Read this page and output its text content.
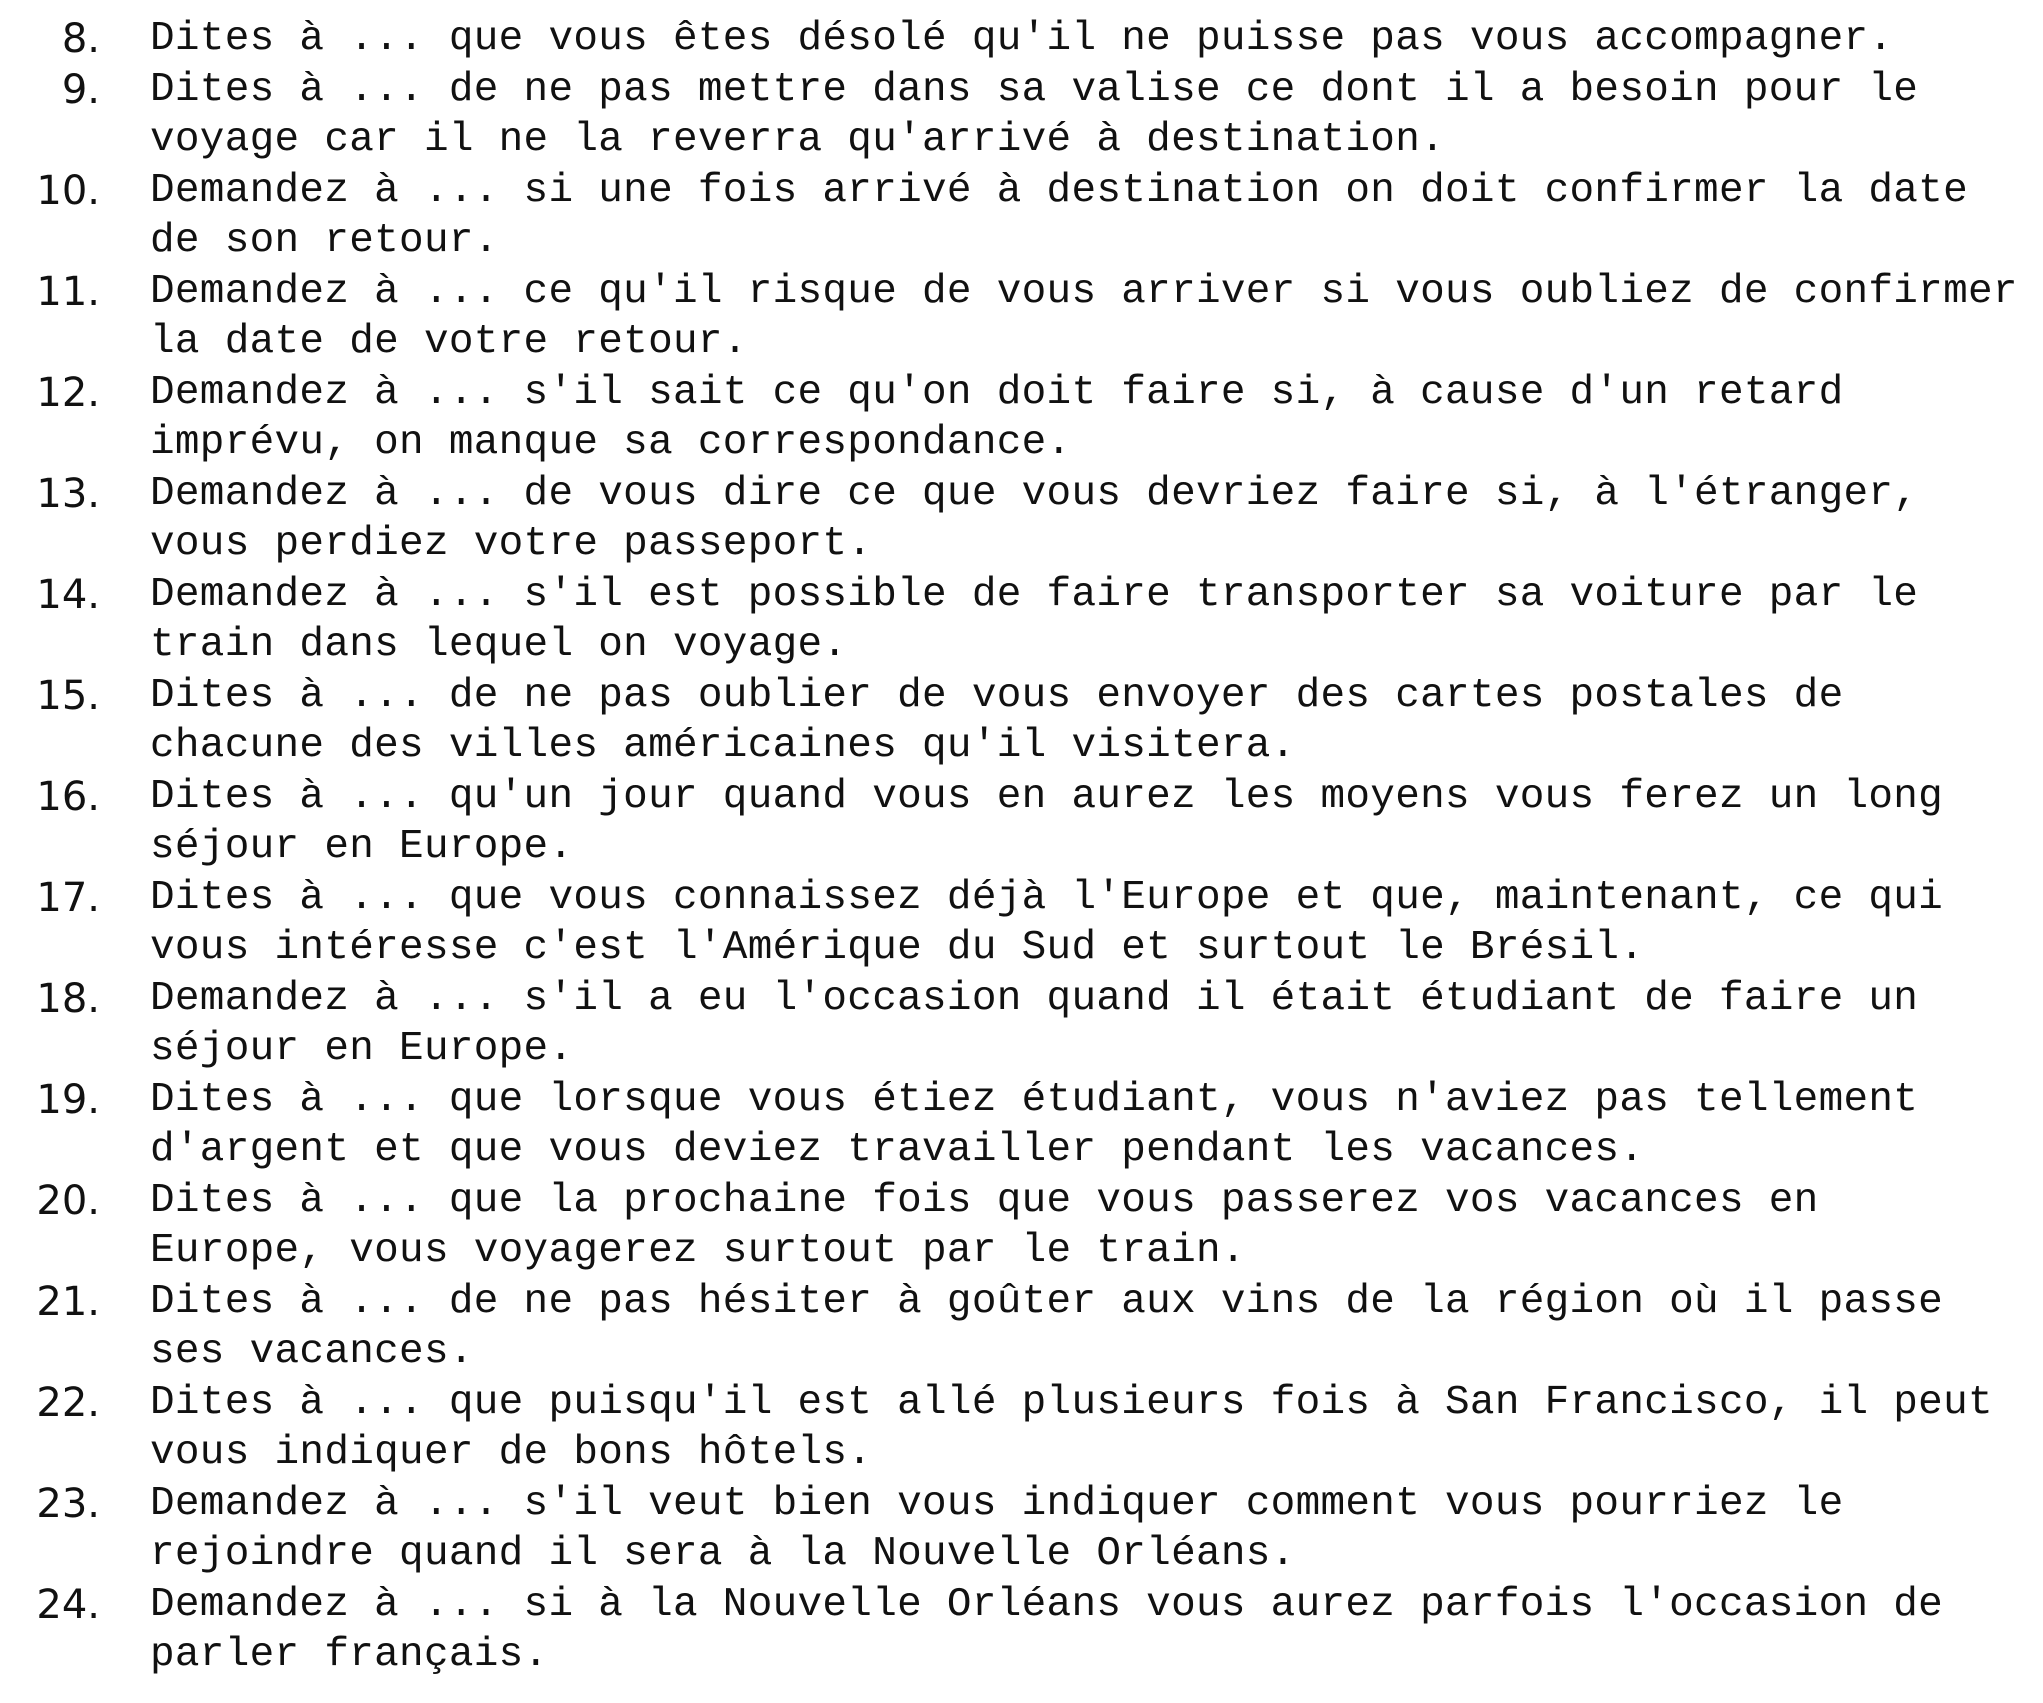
8. Dites à ... que vous êtes désolé qu'il ne puisse pas vous accompagner.
9. Dites à ... de ne pas mettre dans sa valise ce dont il a besoin pour le
voyage car il ne la reverra qu'arrivé à destination.
10. Demandez à ... si une fois arrivé à destination on doit confirmer la date
de son retour.
11. Demandez à ... ce qu'il risque de vous arriver si vous oubliez de confirmer
la date de votre retour.
12. Demandez à ... s'il sait ce qu'on doit faire si, à cause d'un retard
imprévu, on manque sa correspondance.
13. Demandez à ... de vous dire ce que vous devriez faire si, à l'étranger,
vous perdiez votre passeport.
14. Demandez à ... s'il est possible de faire transporter sa voiture par le
train dans lequel on voyage.
15. Dites à ... de ne pas oublier de vous envoyer des cartes postales de
chacune des villes américaines qu'il visitera.
16. Dites à ... qu'un jour quand vous en aurez les moyens vous ferez un long
séjour en Europe.
17. Dites à ... que vous connaissez déjà l'Europe et que, maintenant, ce qui
vous intéresse c'est l'Amérique du Sud et surtout le Brésil.
18. Demandez à ... s'il a eu l'occasion quand il était étudiant de faire un
séjour en Europe.
19. Dites à ... que lorsque vous étiez étudiant, vous n'aviez pas tellement
d'argent et que vous deviez travailler pendant les vacances.
20. Dites à ... que la prochaine fois que vous passerez vos vacances en
Europe, vous voyagerez surtout par le train.
21. Dites à ... de ne pas hésiter à goûter aux vins de la région où il passe
ses vacances.
22. Dites à ... que puisqu'il est allé plusieurs fois à San Francisco, il peut
vous indiquer de bons hôtels.
23. Demandez à ... s'il veut bien vous indiquer comment vous pourriez le
rejoindre quand il sera à la Nouvelle Orléans.
24. Demandez à ... si à la Nouvelle Orléans vous aurez parfois l'occasion de
parler français.
